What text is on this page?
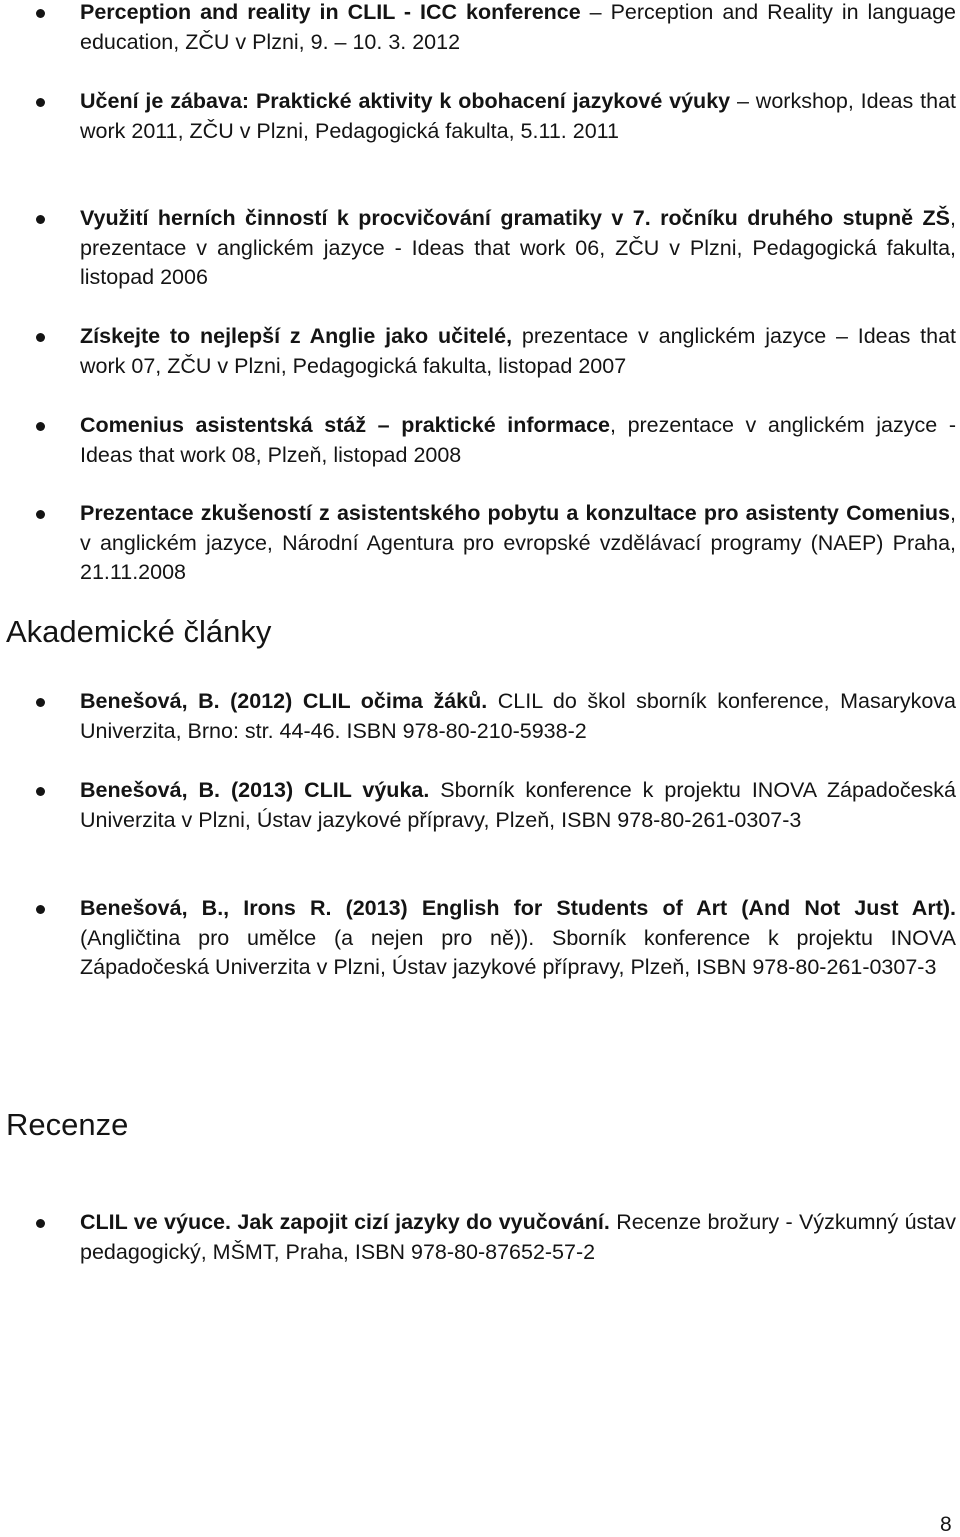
Perception and reality in CLIL - ICC konference – Perception and Reality in language education, ZČU v Plzni, 9. – 10. 3. 2012
Učení je zábava: Praktické aktivity k obohacení jazykové výuky – workshop, Ideas that work 2011, ZČU v Plzni, Pedagogická fakulta, 5.11. 2011
Využití herních činností k procvičování gramatiky v 7. ročníku druhého stupně ZŠ, prezentace v anglickém jazyce - Ideas that work 06, ZČU v Plzni, Pedagogická fakulta, listopad 2006
Získejte to nejlepší z Anglie jako učitelé, prezentace v anglickém jazyce – Ideas that work 07, ZČU v Plzni, Pedagogická fakulta, listopad 2007
Comenius asistentská stáž – praktické informace, prezentace v anglickém jazyce - Ideas that work 08, Plzeň, listopad 2008
Prezentace zkušeností z asistentského pobytu a konzultace pro asistenty Comenius, v anglickém jazyce, Národní Agentura pro evropské vzdělávací programy (NAEP) Praha, 21.11.2008
Akademické články
Benešová, B. (2012) CLIL očima žáků. CLIL do škol sborník konference, Masarykova Univerzita, Brno: str. 44-46. ISBN 978-80-210-5938-2
Benešová, B. (2013) CLIL výuka. Sborník konference k projektu INOVA Západočeská Univerzita v Plzni, Ústav jazykové přípravy, Plzeň, ISBN 978-80-261-0307-3
Benešová, B., Irons R. (2013) English for Students of Art (And Not Just Art). (Angličtina pro umělce (a nejen pro ně)). Sborník konference k projektu INOVA Západočeská Univerzita v Plzni, Ústav jazykové přípravy, Plzeň, ISBN 978-80-261-0307-3
Recenze
CLIL ve výuce. Jak zapojit cizí jazyky do vyučování. Recenze brožury - Výzkumný ústav pedagogický, MŠMT, Praha, ISBN 978-80-87652-57-2
8
